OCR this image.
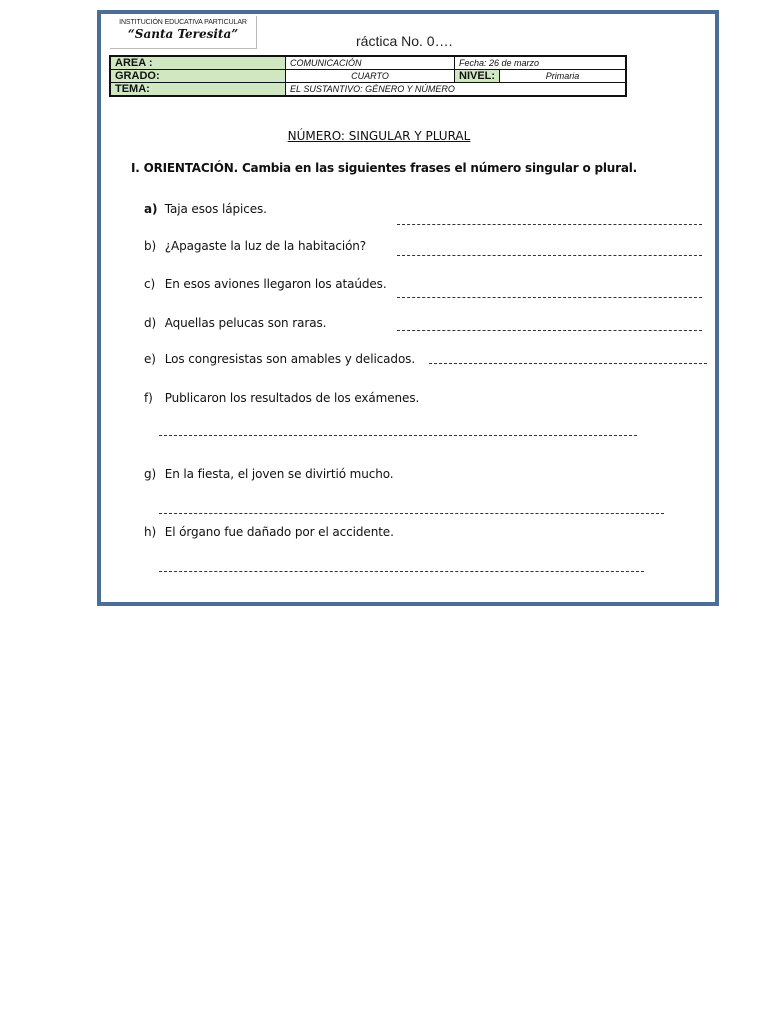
INSTITUCIÓN EDUCATIVA PARTICULAR
“Santa Teresita”	ráctica No. 0….
AREA :	COMUNICACIÓN	Fecha: 26 de marzo	
GRADO:	CUARTO	NIVEL:	Primaria
TEMA:	EL SUSTANTIVO: GÉNERO Y NÚMERO		
NÚMERO: SINGULAR Y PLURAL
I. ORIENTACIÓN. Cambia en las siguientes frases el número singular o plural.
a) Taja esos lápices.
b) ¿Apagaste la luz de la habitación?
c) En esos aviones llegaron los ataúdes.
d) Aquellas pelucas son raras.
e) Los congresistas son amables y delicados.
f) Publicaron los resultados de los exámenes.
g) En la fiesta, el joven se divirtió mucho.
h) El órgano fue dañado por el accidente.
